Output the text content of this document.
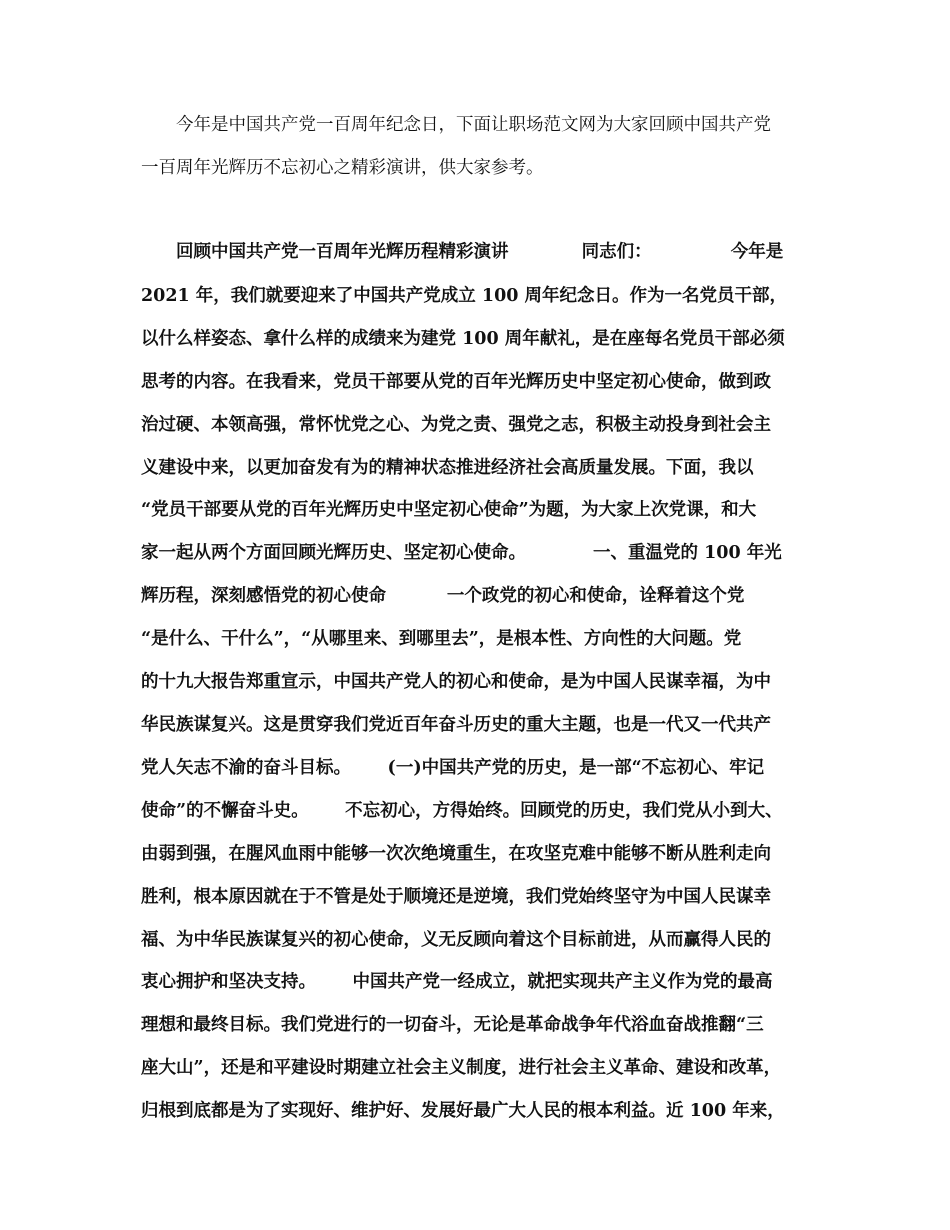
今年是中国共产党一百周年纪念日，下面让职场范文网为大家回顾中国共产党
一百周年光辉历不忘初心之精彩演讲，供大家参考。
回顾中国共产党一百周年光辉历程精彩演讲            同志们：             今年是
2021 年，我们就要迎来了中国共产党成立 100 周年纪念日。作为一名党员干部，
以什么样姿态、拿什么样的成绩来为建党 100 周年献礼，是在座每名党员干部必须
思考的内容。在我看来，党员干部要从党的百年光辉历史中坚定初心使命，做到政
治过硬、本领高强，常怀忧党之心、为党之责、强党之志，积极主动投身到社会主
义建设中来，以更加奋发有为的精神状态推进经济社会高质量发展。下面，我以
“党员干部要从党的百年光辉历史中坚定初心使命”为题，为大家上次党课，和大
家一起从两个方面回顾光辉历史、坚定初心使命。           一、重温党的 100 年光
辉历程，深刻感悟党的初心使命          一个政党的初心和使命，诠释着这个党
“是什么、干什么”，“从哪里来、到哪里去”，是根本性、方向性的大问题。党
的十九大报告郑重宣示，中国共产党人的初心和使命，是为中国人民谋幸福，为中
华民族谋复兴。这是贯穿我们党近百年奋斗历史的重大主题，也是一代又一代共产
党人矢志不渝的奋斗目标。      (一)中国共产党的历史，是一部“不忘初心、牢记
使命”的不懈奋斗史。      不忘初心，方得始终。回顾党的历史，我们党从小到大、
由弱到强，在腥风血雨中能够一次次绝境重生，在攻坚克难中能够不断从胜利走向
胜利，根本原因就在于不管是处于顺境还是逆境，我们党始终坚守为中国人民谋幸
福、为中华民族谋复兴的初心使命，义无反顾向着这个目标前进，从而赢得人民的
衷心拥护和坚决支持。      中国共产党一经成立，就把实现共产主义作为党的最高
理想和最终目标。我们党进行的一切奋斗，无论是革命战争年代浴血奋战推翻“三
座大山”，还是和平建设时期建立社会主义制度，进行社会主义革命、建设和改革，
归根到底都是为了实现好、维护好、发展好最广大人民的根本利益。近 100 年来，
